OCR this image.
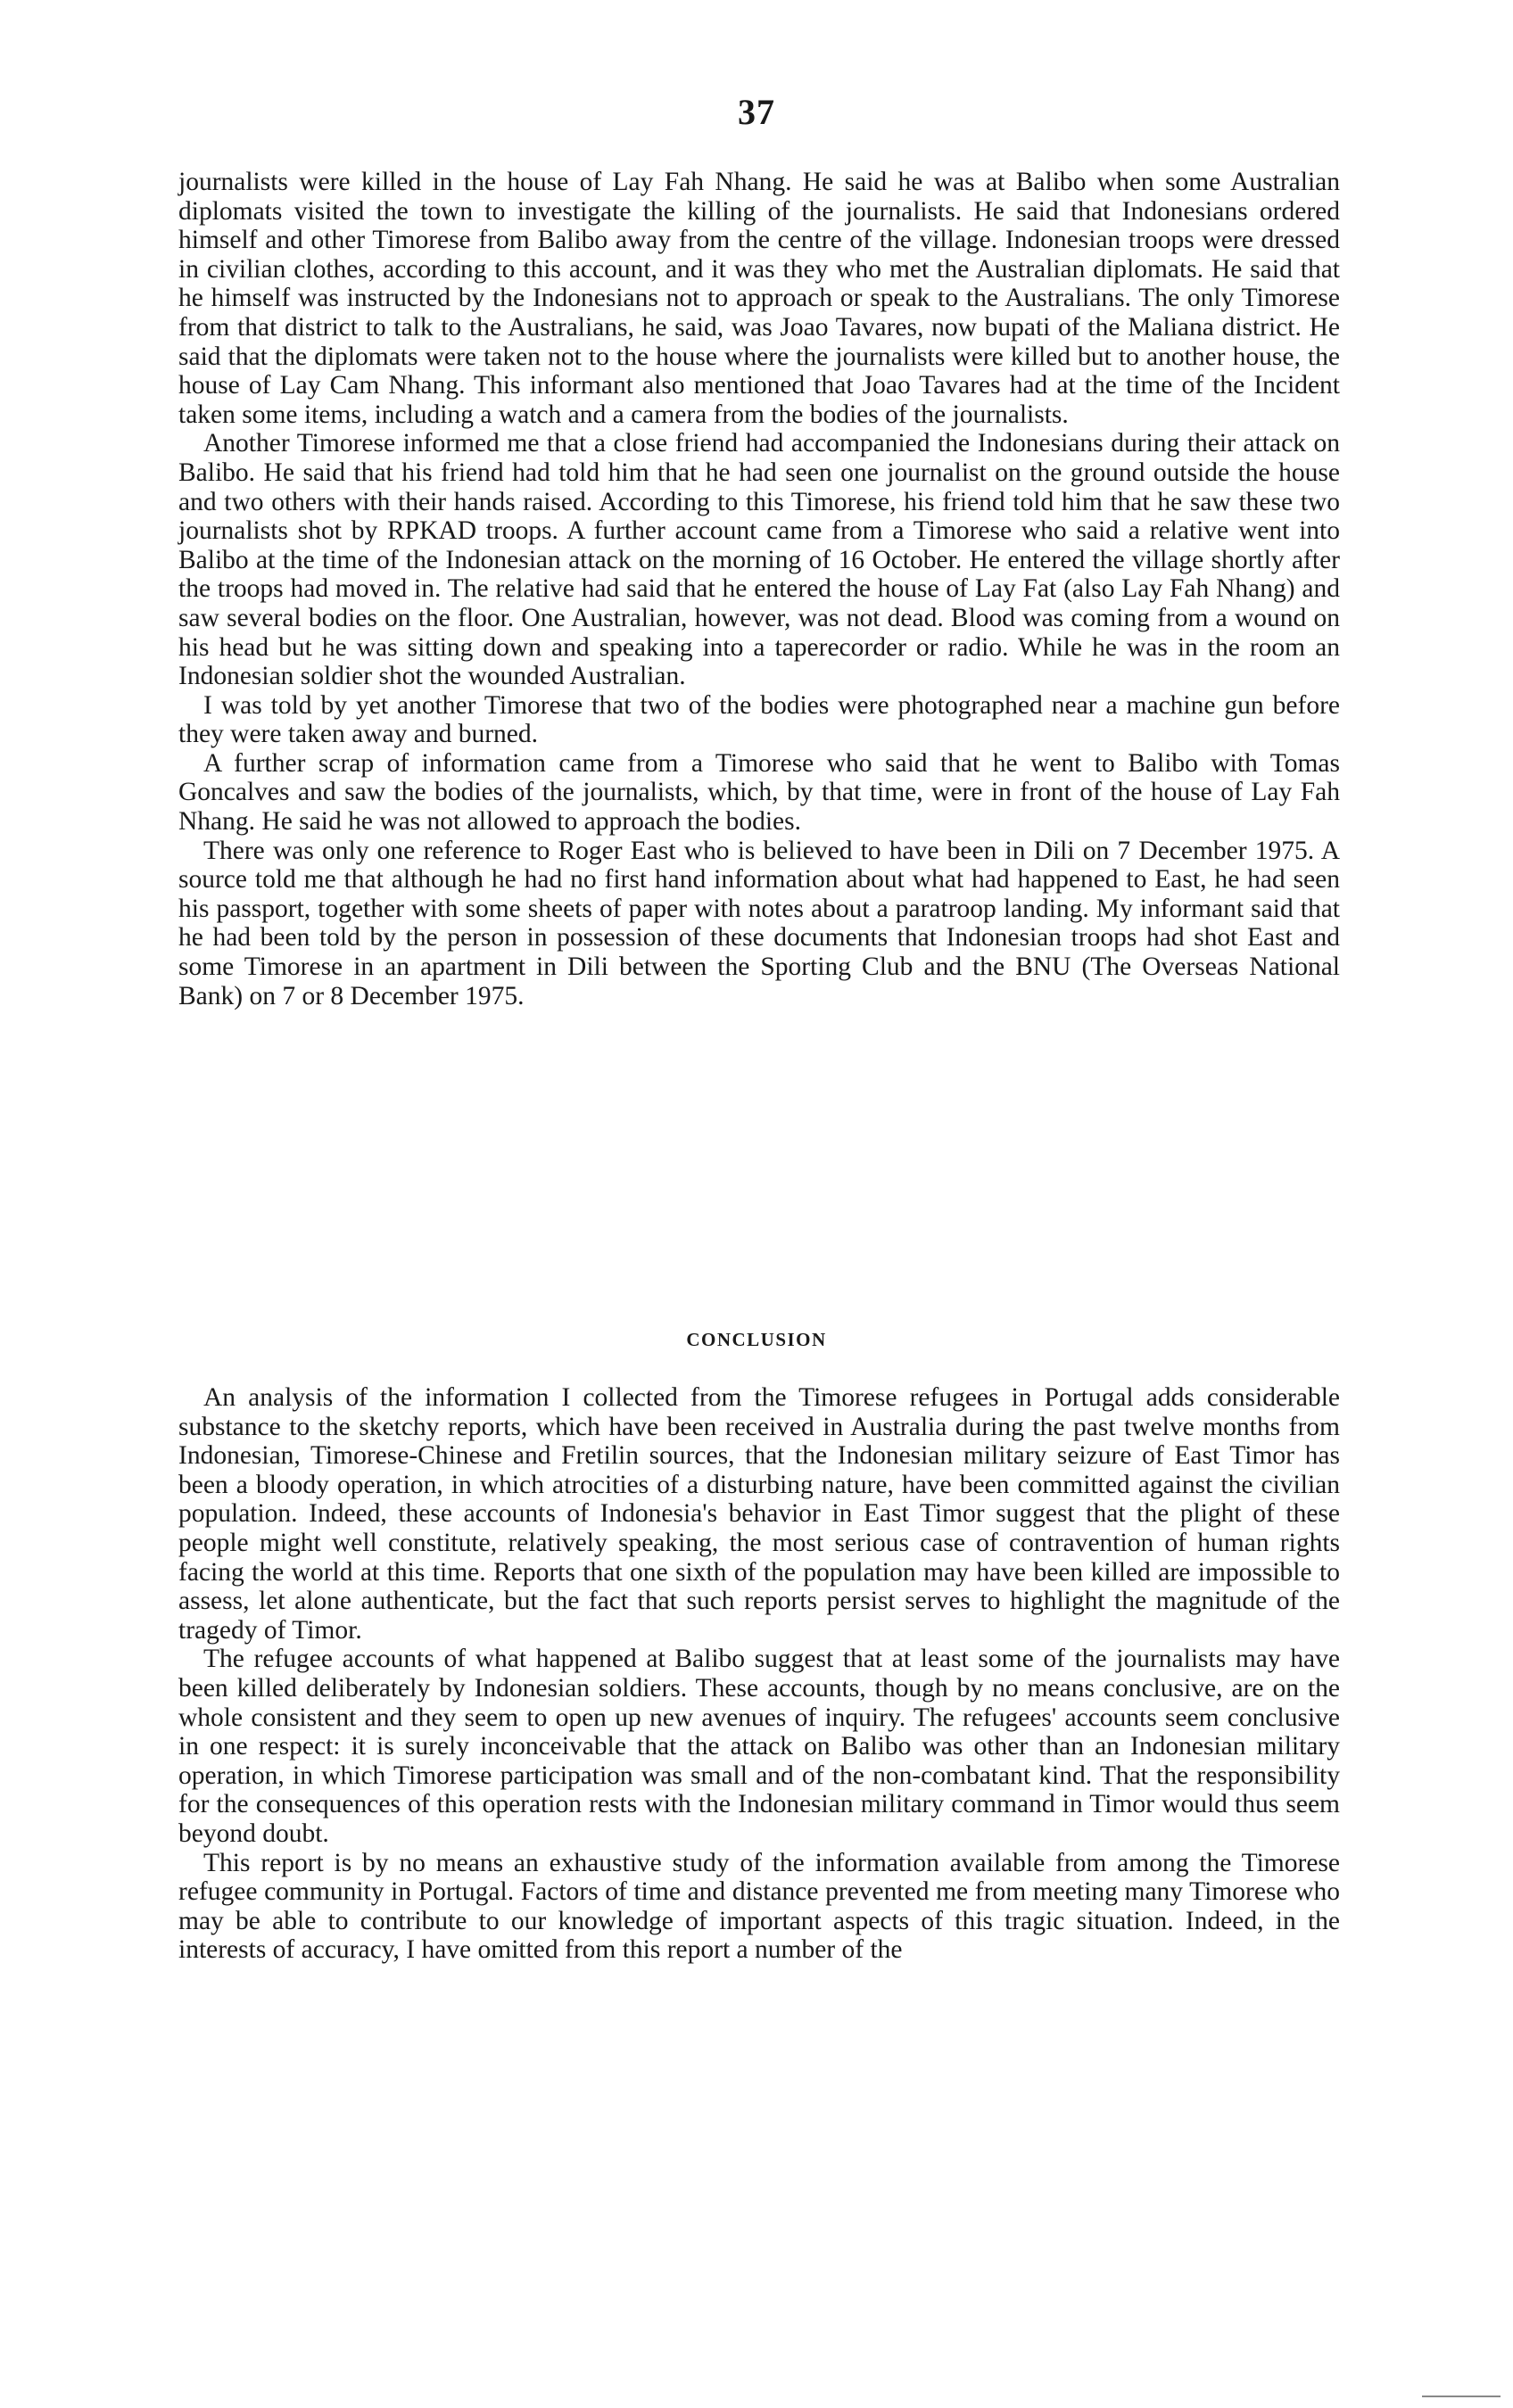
37

journalists were killed in the house of Lay Fah Nhang. He said he was at Balibo when some Australian diplomats visited the town to investigate the killing of the journalists. He said that Indonesians ordered himself and other Timorese from Balibo away from the centre of the village. Indonesian troops were dressed in civilian clothes, according to this account, and it was they who met the Australian diplomats. He said that he himself was instructed by the Indonesians not to approach or speak to the Australians. The only Timorese from that district to talk to the Australians, he said, was Joao Tavares, now bupati of the Maliana district. He said that the diplomats were taken not to the house where the journalists were killed but to another house, the house of Lay Cam Nhang. This informant also mentioned that Joao Tavares had at the time of the Incident taken some items, including a watch and a camera from the bodies of the journalists.

Another Timorese informed me that a close friend had accompanied the Indonesians during their attack on Balibo. He said that his friend had told him that he had seen one journalist on the ground outside the house and two others with their hands raised. According to this Timorese, his friend told him that he saw these two journalists shot by RPKAD troops. A further account came from a Timorese who said a relative went into Balibo at the time of the Indonesian attack on the morning of 16 October. He entered the village shortly after the troops had moved in. The relative had said that he entered the house of Lay Fat (also Lay Fah Nhang) and saw several bodies on the floor. One Australian, however, was not dead. Blood was coming from a wound on his head but he was sitting down and speaking into a taperecorder or radio. While he was in the room an Indonesian soldier shot the wounded Australian.

I was told by yet another Timorese that two of the bodies were photographed near a machine gun before they were taken away and burned.

A further scrap of information came from a Timorese who said that he went to Balibo with Tomas Goncalves and saw the bodies of the journalists, which, by that time, were in front of the house of Lay Fah Nhang. He said he was not allowed to approach the bodies.

There was only one reference to Roger East who is believed to have been in Dili on 7 December 1975. A source told me that although he had no first hand information about what had happened to East, he had seen his passport, together with some sheets of paper with notes about a paratroop landing. My informant said that he had been told by the person in possession of these documents that Indonesian troops had shot East and some Timorese in an apartment in Dili between the Sporting Club and the BNU (The Overseas National Bank) on 7 or 8 December 1975.

CONCLUSION

An analysis of the information I collected from the Timorese refugees in Portugal adds considerable substance to the sketchy reports, which have been received in Australia during the past twelve months from Indonesian, Timorese-Chinese and Fretilin sources, that the Indonesian military seizure of East Timor has been a bloody operation, in which atrocities of a disturbing nature, have been committed against the civilian population. Indeed, these accounts of Indonesia's behavior in East Timor suggest that the plight of these people might well constitute, relatively speaking, the most serious case of contravention of human rights facing the world at this time. Reports that one sixth of the population may have been killed are impossible to assess, let alone authenticate, but the fact that such reports persist serves to highlight the magnitude of the tragedy of Timor.

The refugee accounts of what happened at Balibo suggest that at least some of the journalists may have been killed deliberately by Indonesian soldiers. These accounts, though by no means conclusive, are on the whole consistent and they seem to open up new avenues of inquiry. The refugees' accounts seem conclusive in one respect: it is surely inconceivable that the attack on Balibo was other than an Indonesian military operation, in which Timorese participation was small and of the non-combatant kind. That the responsibility for the consequences of this operation rests with the Indonesian military command in Timor would thus seem beyond doubt.

This report is by no means an exhaustive study of the information available from among the Timorese refugee community in Portugal. Factors of time and distance prevented me from meeting many Timorese who may be able to contribute to our knowledge of important aspects of this tragic situation. Indeed, in the interests of accuracy, I have omitted from this report a number of the
